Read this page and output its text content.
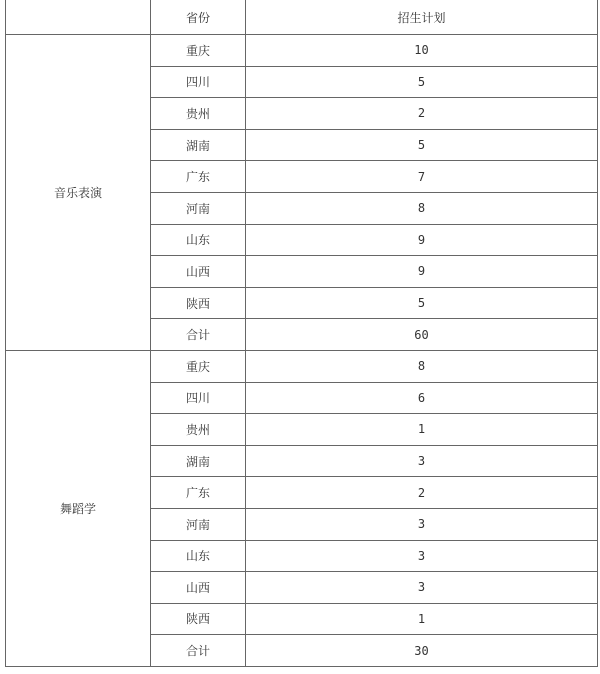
	省份	招生计划
音乐表演	重庆	10
	四川	5
	贵州	2
	湖南	5
	广东	7
	河南	8
	山东	9
	山西	9
	陕西	5
	合计	60
舞蹈学	重庆	8
	四川	6
	贵州	1
	湖南	3
	广东	2
	河南	3
	山东	3
	山西	3
	陕西	1
	合计	30
